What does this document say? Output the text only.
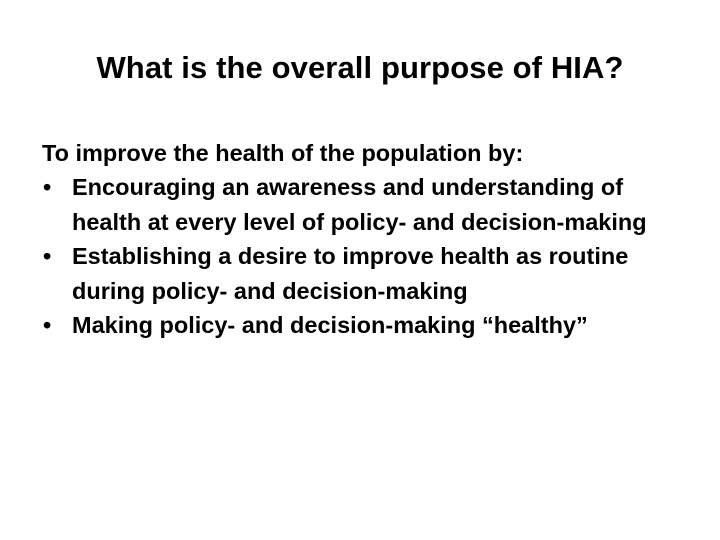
What is the overall purpose of HIA?
To improve the health of the population by:
• Encouraging an awareness and understanding of health at every level of policy- and decision-making
• Establishing a desire to improve health as routine during policy- and decision-making
• Making policy- and decision-making “healthy”
